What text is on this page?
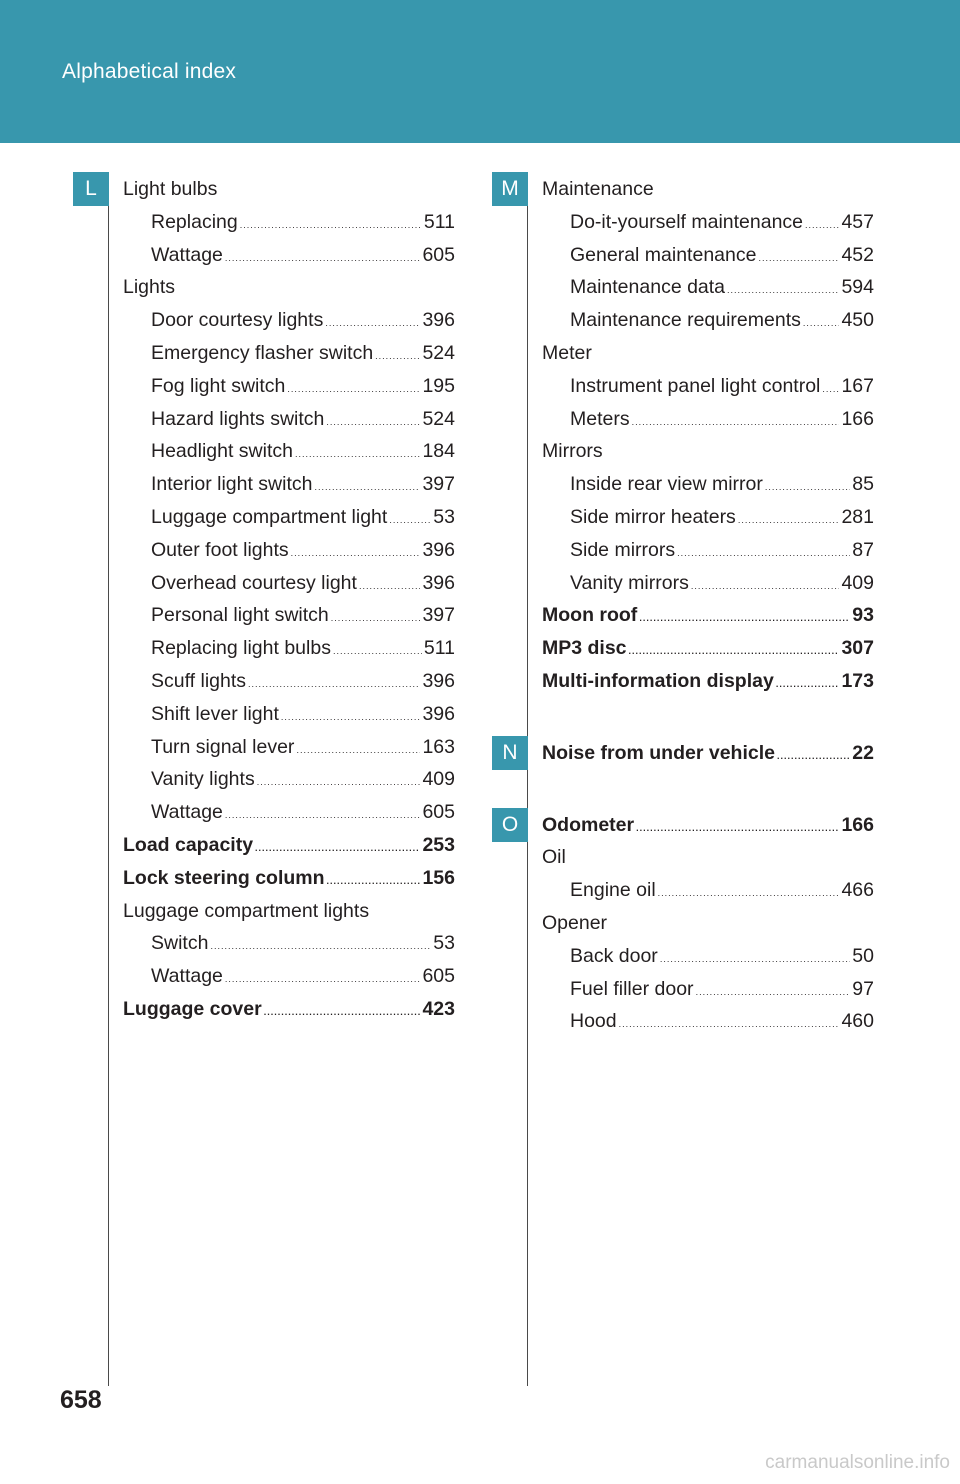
Alphabetical index
L	M
N
O
Light bulbs
Replacing .....	511
Wattage .....	605
Lights
Door courtesy lights .....	396
Emergency flasher switch .....	524
Fog light switch .....	195
Hazard lights switch .....	524
Headlight switch .....	184
Interior light switch .....	397
Luggage compartment light ..... 53
Outer foot lights .....	396
Overhead courtesy light .....	396
Personal light switch .....	397
Replacing light bulbs .....	511
Scuff lights .....	396
Shift lever light .....	396
Turn signal lever .....	163
Vanity lights .....	409
Wattage .....	605
Load capacity .....	253
Lock steering column .....	156
Luggage compartment lights
Switch .....	53
Wattage .....	605
Luggage cover .....	423
Maintenance
Do-it-yourself maintenance ..... 457
General maintenance .....	452
Maintenance data .....	594
Maintenance requirements ..... 450
Meter
Instrument panel light control ..... 167
Meters .....	166
Mirrors
Inside rear view mirror .....	85
Side mirror heaters .....	281
Side mirrors .....	87
Vanity mirrors .....	409
Moon roof .....	93
MP3 disc .....	307
Multi-information display .....	173
Noise from under vehicle .....	22
Odometer .....	166
Oil
Engine oil .....	466
Opener
Back door .....	50
Fuel filler door .....	97
Hood .....	460
658
carmanualsonline.info
